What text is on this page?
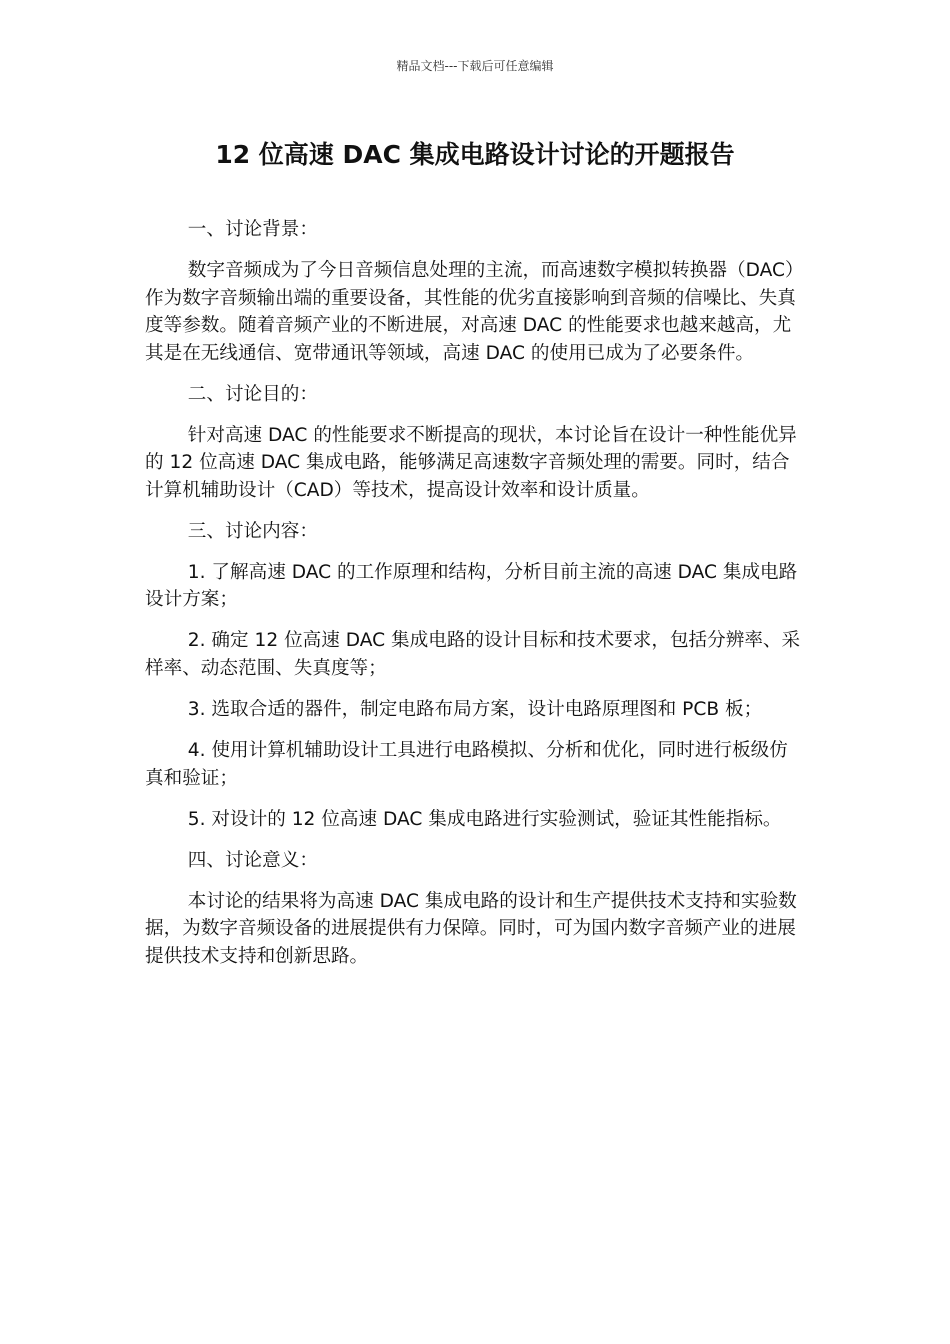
精品文档---下载后可任意编辑
12 位高速 DAC 集成电路设计讨论的开题报告
一、讨论背景：

数字音频成为了今日音频信息处理的主流，而高速数字模拟转换器（DAC）作为数字音频输出端的重要设备，其性能的优劣直接影响到音频的信噪比、失真度等参数。随着音频产业的不断进展，对高速 DAC 的性能要求也越来越高，尤其是在无线通信、宽带通讯等领域，高速 DAC 的使用已成为了必要条件。

二、讨论目的：

针对高速 DAC 的性能要求不断提高的现状，本讨论旨在设计一种性能优异的 12 位高速 DAC 集成电路，能够满足高速数字音频处理的需要。同时，结合计算机辅助设计（CAD）等技术，提高设计效率和设计质量。

三、讨论内容：

1. 了解高速 DAC 的工作原理和结构，分析目前主流的高速 DAC 集成电路设计方案；

2. 确定 12 位高速 DAC 集成电路的设计目标和技术要求，包括分辨率、采样率、动态范围、失真度等；

3. 选取合适的器件，制定电路布局方案，设计电路原理图和 PCB 板；

4. 使用计算机辅助设计工具进行电路模拟、分析和优化，同时进行板级仿真和验证；

5. 对设计的 12 位高速 DAC 集成电路进行实验测试，验证其性能指标。

四、讨论意义：

本讨论的结果将为高速 DAC 集成电路的设计和生产提供技术支持和实验数据，为数字音频设备的进展提供有力保障。同时，可为国内数字音频产业的进展提供技术支持和创新思路。
